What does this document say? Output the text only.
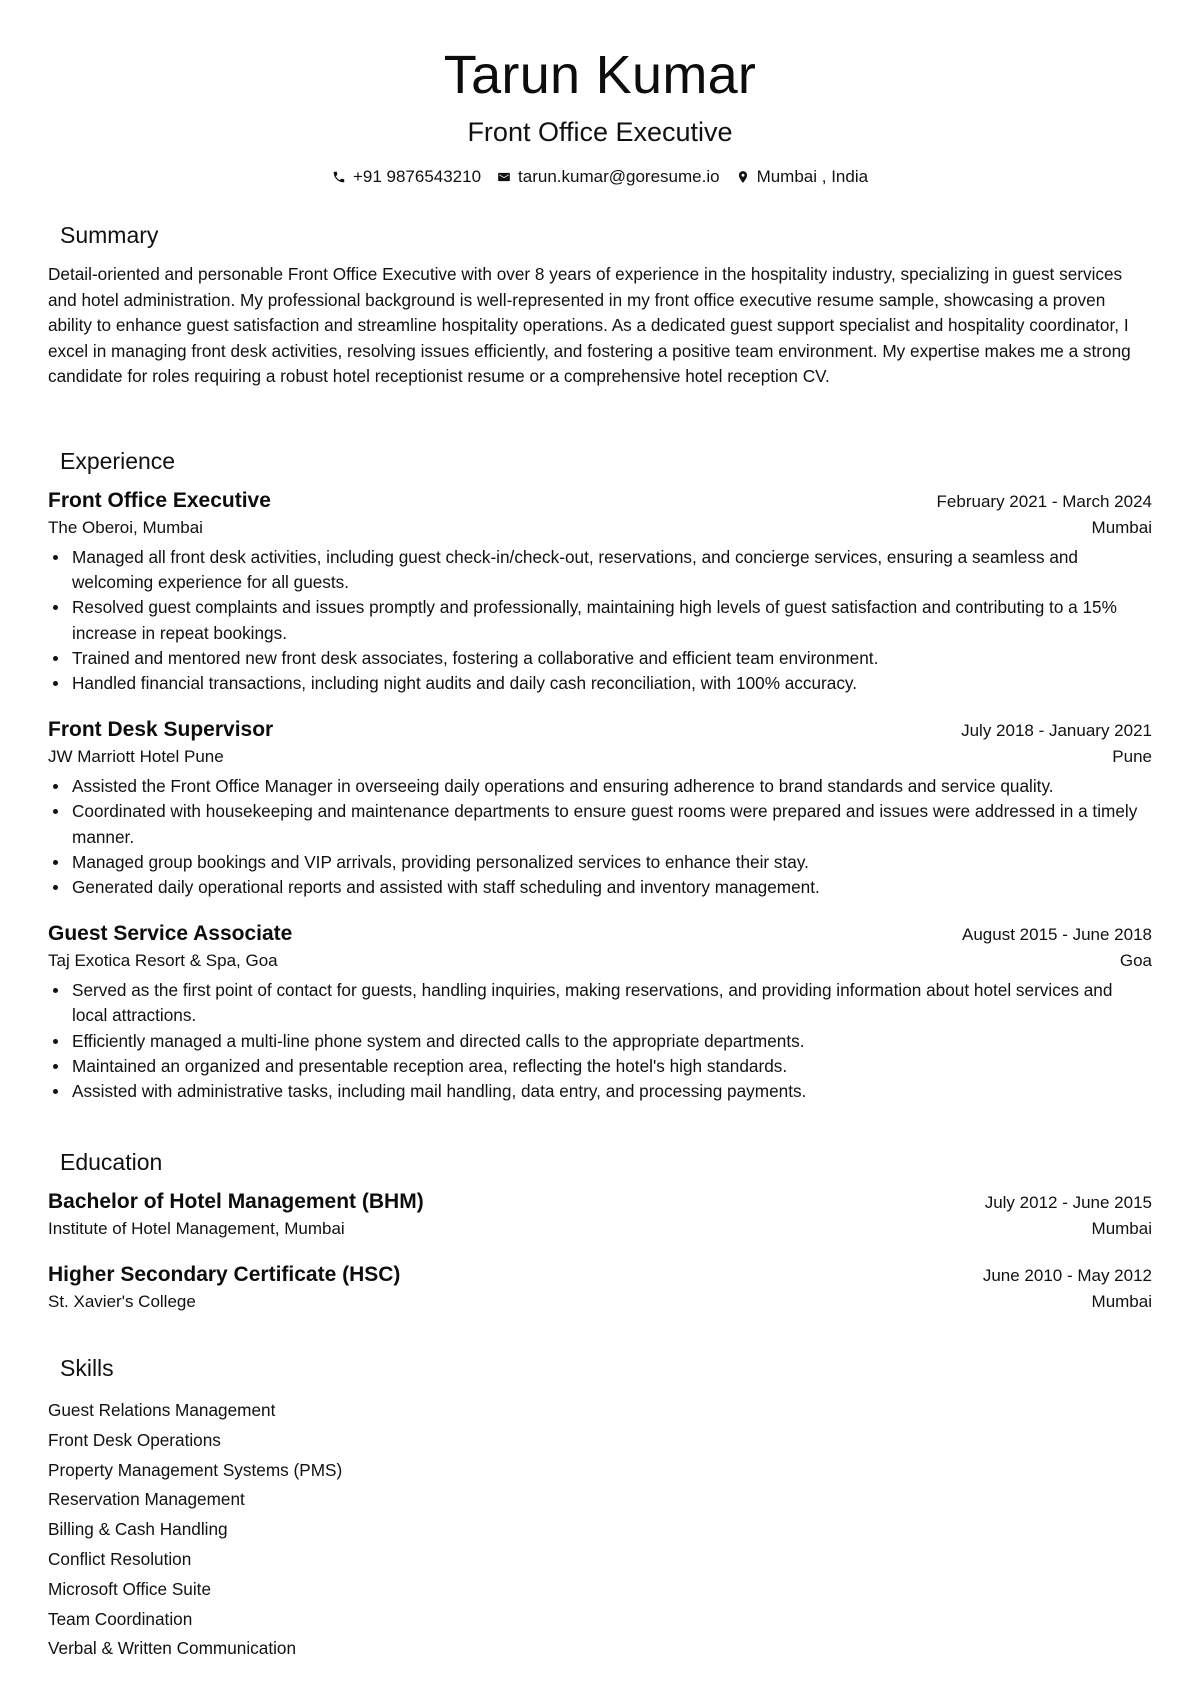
Tarun Kumar
Front Office Executive
+91 9876543210 tarun.kumar@goresume.io Mumbai , India
Summary

Detail-oriented and personable Front Office Executive with over 8 years of experience in the hospitality industry, specializing in guest services and hotel administration. My professional background is well-represented in my front office executive resume sample, showcasing a proven ability to enhance guest satisfaction and streamline hospitality operations. As a dedicated guest support specialist and hospitality coordinator, I excel in managing front desk activities, resolving issues efficiently, and fostering a positive team environment. My expertise makes me a strong candidate for roles requiring a robust hotel receptionist resume or a comprehensive hotel reception CV.

Experience
Front Office Executive	February 2021 - March 2024
The Oberoi, Mumbai	Mumbai
Managed all front desk activities, including guest check-in/check-out, reservations, and concierge services, ensuring a seamless and welcoming experience for all guests.
Resolved guest complaints and issues promptly and professionally, maintaining high levels of guest satisfaction and contributing to a 15% increase in repeat bookings.
Trained and mentored new front desk associates, fostering a collaborative and efficient team environment.
Handled financial transactions, including night audits and daily cash reconciliation, with 100% accuracy.
Front Desk Supervisor	July 2018 - January 2021
JW Marriott Hotel Pune	Pune
Assisted the Front Office Manager in overseeing daily operations and ensuring adherence to brand standards and service quality.
Coordinated with housekeeping and maintenance departments to ensure guest rooms were prepared and issues were addressed in a timely manner.
Managed group bookings and VIP arrivals, providing personalized services to enhance their stay.
Generated daily operational reports and assisted with staff scheduling and inventory management.
Guest Service Associate	August 2015 - June 2018
Taj Exotica Resort & Spa, Goa	Goa
Served as the first point of contact for guests, handling inquiries, making reservations, and providing information about hotel services and local attractions.
Efficiently managed a multi-line phone system and directed calls to the appropriate departments.
Maintained an organized and presentable reception area, reflecting the hotel's high standards.
Assisted with administrative tasks, including mail handling, data entry, and processing payments.
Education
Bachelor of Hotel Management (BHM)	July 2012 - June 2015
Institute of Hotel Management, Mumbai	Mumbai
Higher Secondary Certificate (HSC)	June 2010 - May 2012
St. Xavier's College	Mumbai
Skills
Guest Relations Management
Front Desk Operations
Property Management Systems (PMS)
Reservation Management
Billing & Cash Handling
Conflict Resolution
Microsoft Office Suite
Team Coordination
Verbal & Written Communication
